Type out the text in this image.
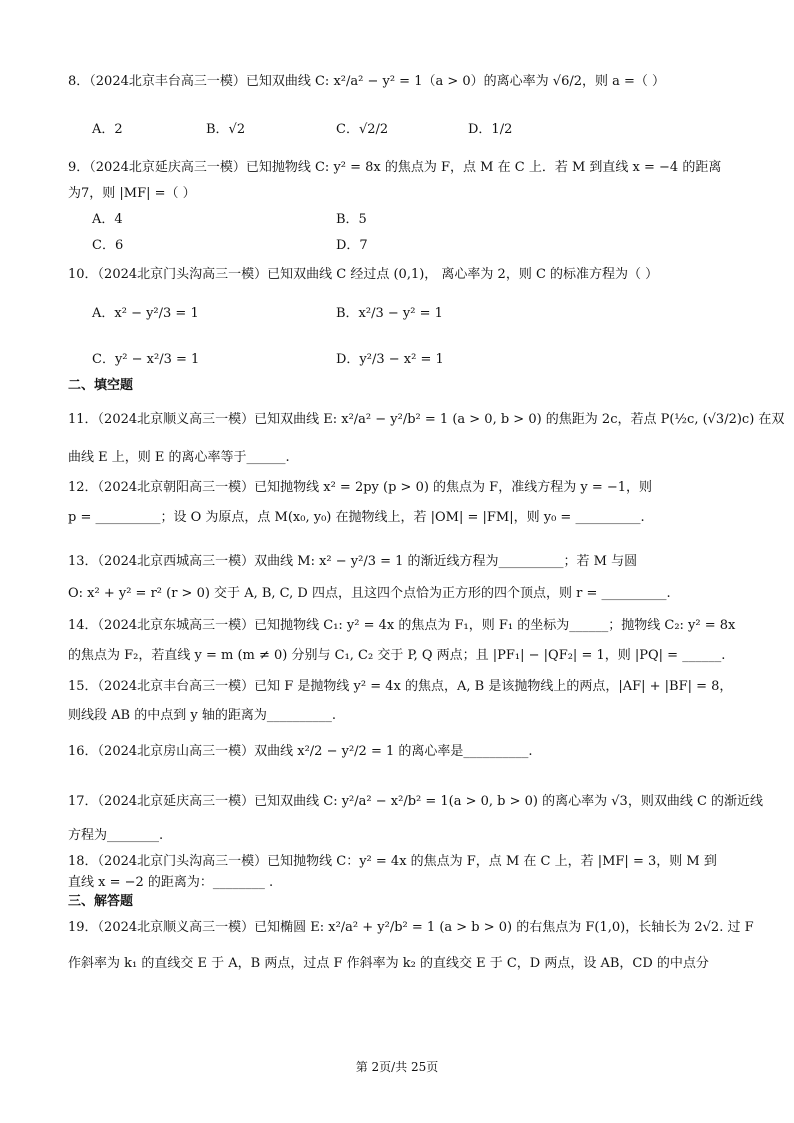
8．（2024北京丰台高三一模）已知双曲线 C: x²/a² − y² = 1（a > 0）的离心率为 √6/2，则 a =（ ）
A．2	B．√2	C．√2/2	D．1/2
9．（2024北京延庆高三一模）已知抛物线 C: y² = 8x 的焦点为 F，点 M 在 C 上．若 M 到直线 x = −4 的距离
为7，则 |MF| =（ ）
A．4	B．5
C．6	D．7
10．（2024北京门头沟高三一模）已知双曲线 C 经过点 (0,1)， 离心率为 2，则 C 的标准方程为（ ）
A．x² − y²/3 = 1	B．x²/3 − y² = 1
C．y² − x²/3 = 1	D．y²/3 − x² = 1
二、填空题
11．（2024北京顺义高三一模）已知双曲线 E: x²/a² − y²/b² = 1 (a > 0, b > 0) 的焦距为 2c，若点 P(½c, (√3/2)c) 在双
曲线 E 上，则 E 的离心率等于______.
12．（2024北京朝阳高三一模）已知抛物线 x² = 2py (p > 0) 的焦点为 F，准线方程为 y = −1，则
p = __________；设 O 为原点，点 M(x₀, y₀) 在抛物线上，若 |OM| = |FM|，则 y₀ = __________.
13．（2024北京西城高三一模）双曲线 M: x² − y²/3 = 1 的渐近线方程为__________；若 M 与圆
O: x² + y² = r² (r > 0) 交于 A, B, C, D 四点，且这四个点恰为正方形的四个顶点，则 r = __________.
14．（2024北京东城高三一模）已知抛物线 C₁: y² = 4x 的焦点为 F₁，则 F₁ 的坐标为______；抛物线 C₂: y² = 8x
的焦点为 F₂，若直线 y = m (m ≠ 0) 分别与 C₁, C₂ 交于 P, Q 两点；且 |PF₁| − |QF₂| = 1，则 |PQ| = ______.
15．（2024北京丰台高三一模）已知 F 是抛物线 y² = 4x 的焦点，A, B 是该抛物线上的两点，|AF| + |BF| = 8，
则线段 AB 的中点到 y 轴的距离为__________.
16．（2024北京房山高三一模）双曲线 x²/2 − y²/2 = 1 的离心率是__________.
17．（2024北京延庆高三一模）已知双曲线 C: y²/a² − x²/b² = 1(a > 0, b > 0) 的离心率为 √3，则双曲线 C 的渐近线
方程为________.
18．（2024北京门头沟高三一模）已知抛物线 C：y² = 4x 的焦点为 F，点 M 在 C 上，若 |MF| = 3，则 M 到
直线 x = −2 的距离为：________ .
三、解答题
19．（2024北京顺义高三一模）已知椭圆 E: x²/a² + y²/b² = 1 (a > b > 0) 的右焦点为 F(1,0)，长轴长为 2√2. 过 F
作斜率为 k₁ 的直线交 E 于 A，B 两点，过点 F 作斜率为 k₂ 的直线交 E 于 C，D 两点，设 AB，CD 的中点分
第 2页/共 25页
